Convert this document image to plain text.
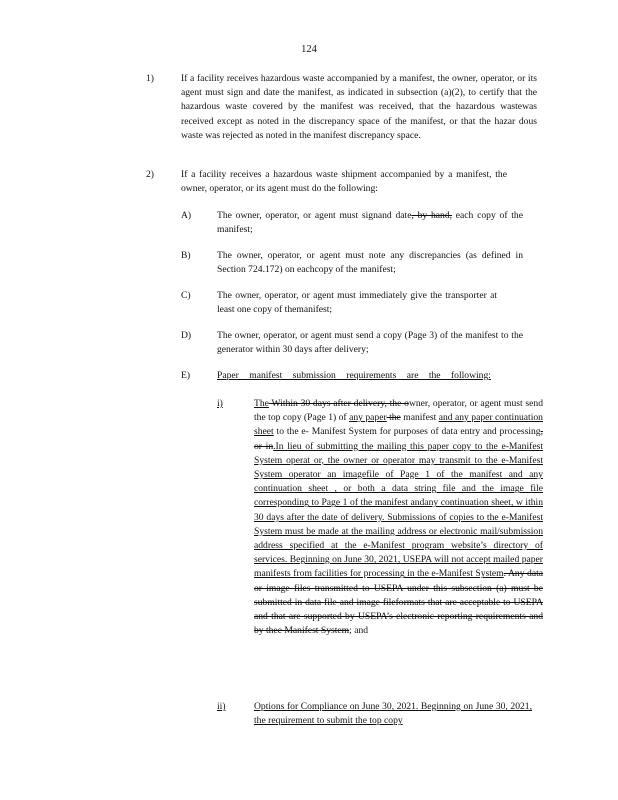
124
1)	If a facility receives hazardous waste accompanied by a manifest, the owner, operator, or its agent must sign and date the manifest, as indicated in subsection (a)(2), to certify that the hazardous waste covered by the manifest was received, that the hazardous wastewas received except as noted in the discrepancy space of the manifest, or that the hazar dous waste was rejected as noted in the manifest discrepancy space.
2)	If a facility receives a hazardous waste shipment accompanied by a manifest, the owner, operator, or its agent must do the following:
A)	The owner, operator, or agent must signand date, by hand, each copy of the manifest;
B)	The owner, operator, or agent must note any discrepancies (as defined in Section 724.172) on eachcopy of the manifest;
C)	The owner, operator, or agent must immediately give the transporter at least one copy of themanifest;
D)	The owner, operator, or agent must send a copy (Page 3) of the manifest to the generator within 30 days after delivery;
E)	Paper manifest submission requirements are the following:
i)	The Within 30 days after delivery, the owner, operator, or agent must send the top copy (Page 1) of any paper the manifest and any paper continuation sheet to the e- Manifest System for purposes of data entry and processing, or in.In lieu of submitting the mailing this paper copy to the e-Manifest System operat or, the owner or operator may transmit to the e-Manifest System operator an imagefile of Page 1 of the manifest and any continuation sheet , or both a data string file and the image file corresponding to Page 1 of the manifest andany continuation sheet, w ithin 30 days after the date of delivery. Submissions of copies to the e-Manifest System must be made at the mailing address or electronic mail/submission address specified at the e-Manifest program website’s directory of services. Beginning on June 30, 2021, USEPA will not accept mailed paper manifests from facilities for processing in the e-Manifest System. Any data or image files transmitted to USEPA under this subsection (a) must be submitted in data file and image fileformats that are acceptable to USEPA and that are supported by USEPA’s electronic reporting requirements and by thee Manifest System; and
ii)	Options for Compliance on June 30, 2021. Beginning on June 30, 2021, the requirement to submit the top copy
